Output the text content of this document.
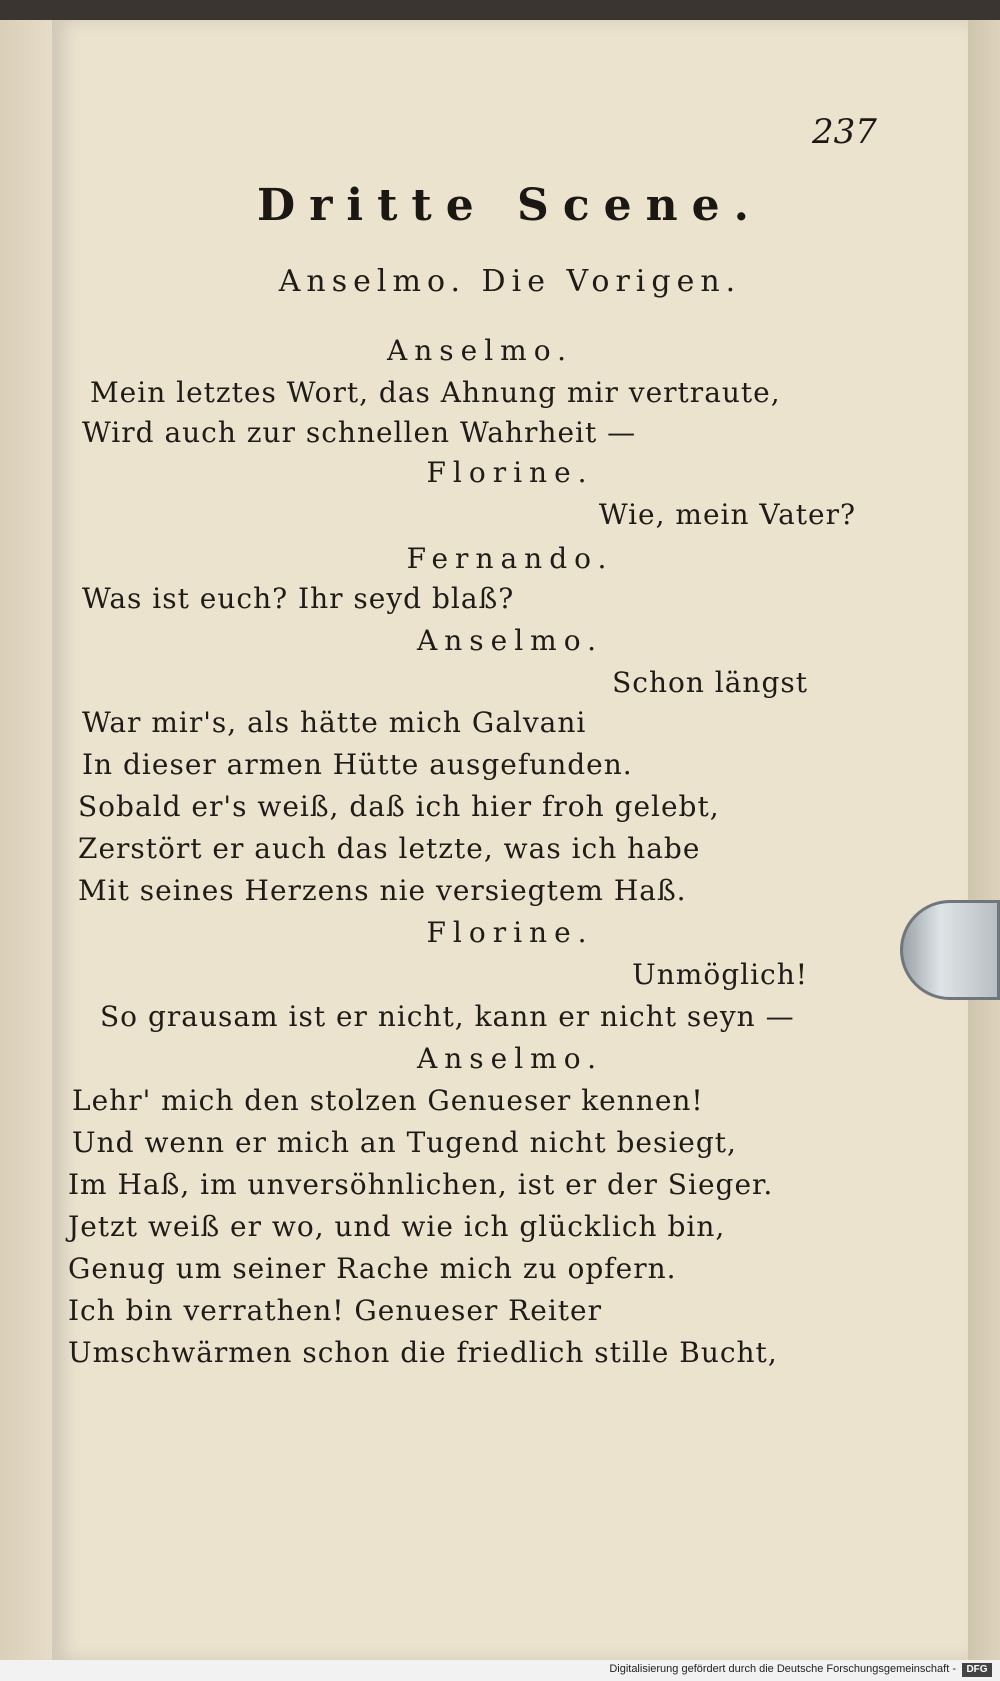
237
Dritte Scene.
Anselmo. Die Vorigen.
Anselmo.
Mein letztes Wort, das Ahnung mir vertraute,
Wird auch zur schnellen Wahrheit —
Florine.
Wie, mein Vater?
Fernando.
Was ist euch? Ihr seyd blaß?
Anselmo.
Schon längst
War mir's, als hätte mich Galvani
In dieser armen Hütte ausgefunden.
Sobald er's weiß, daß ich hier froh gelebt,
Zerstört er auch das letzte, was ich habe
Mit seines Herzens nie versiegtem Haß.
Florine.
Unmöglich!
So grausam ist er nicht, kann er nicht seyn —
Anselmo.
Lehr' mich den stolzen Genueser kennen!
Und wenn er mich an Tugend nicht besiegt,
Im Haß, im unversöhnlichen, ist er der Sieger.
Jetzt weiß er wo, und wie ich glücklich bin,
Genug um seiner Rache mich zu opfern.
Ich bin verrathen! Genueser Reiter
Umschwärmen schon die friedlich stille Bucht,
Digitalisierung gefördert durch die Deutsche Forschungsgemeinschaft -	DFG
